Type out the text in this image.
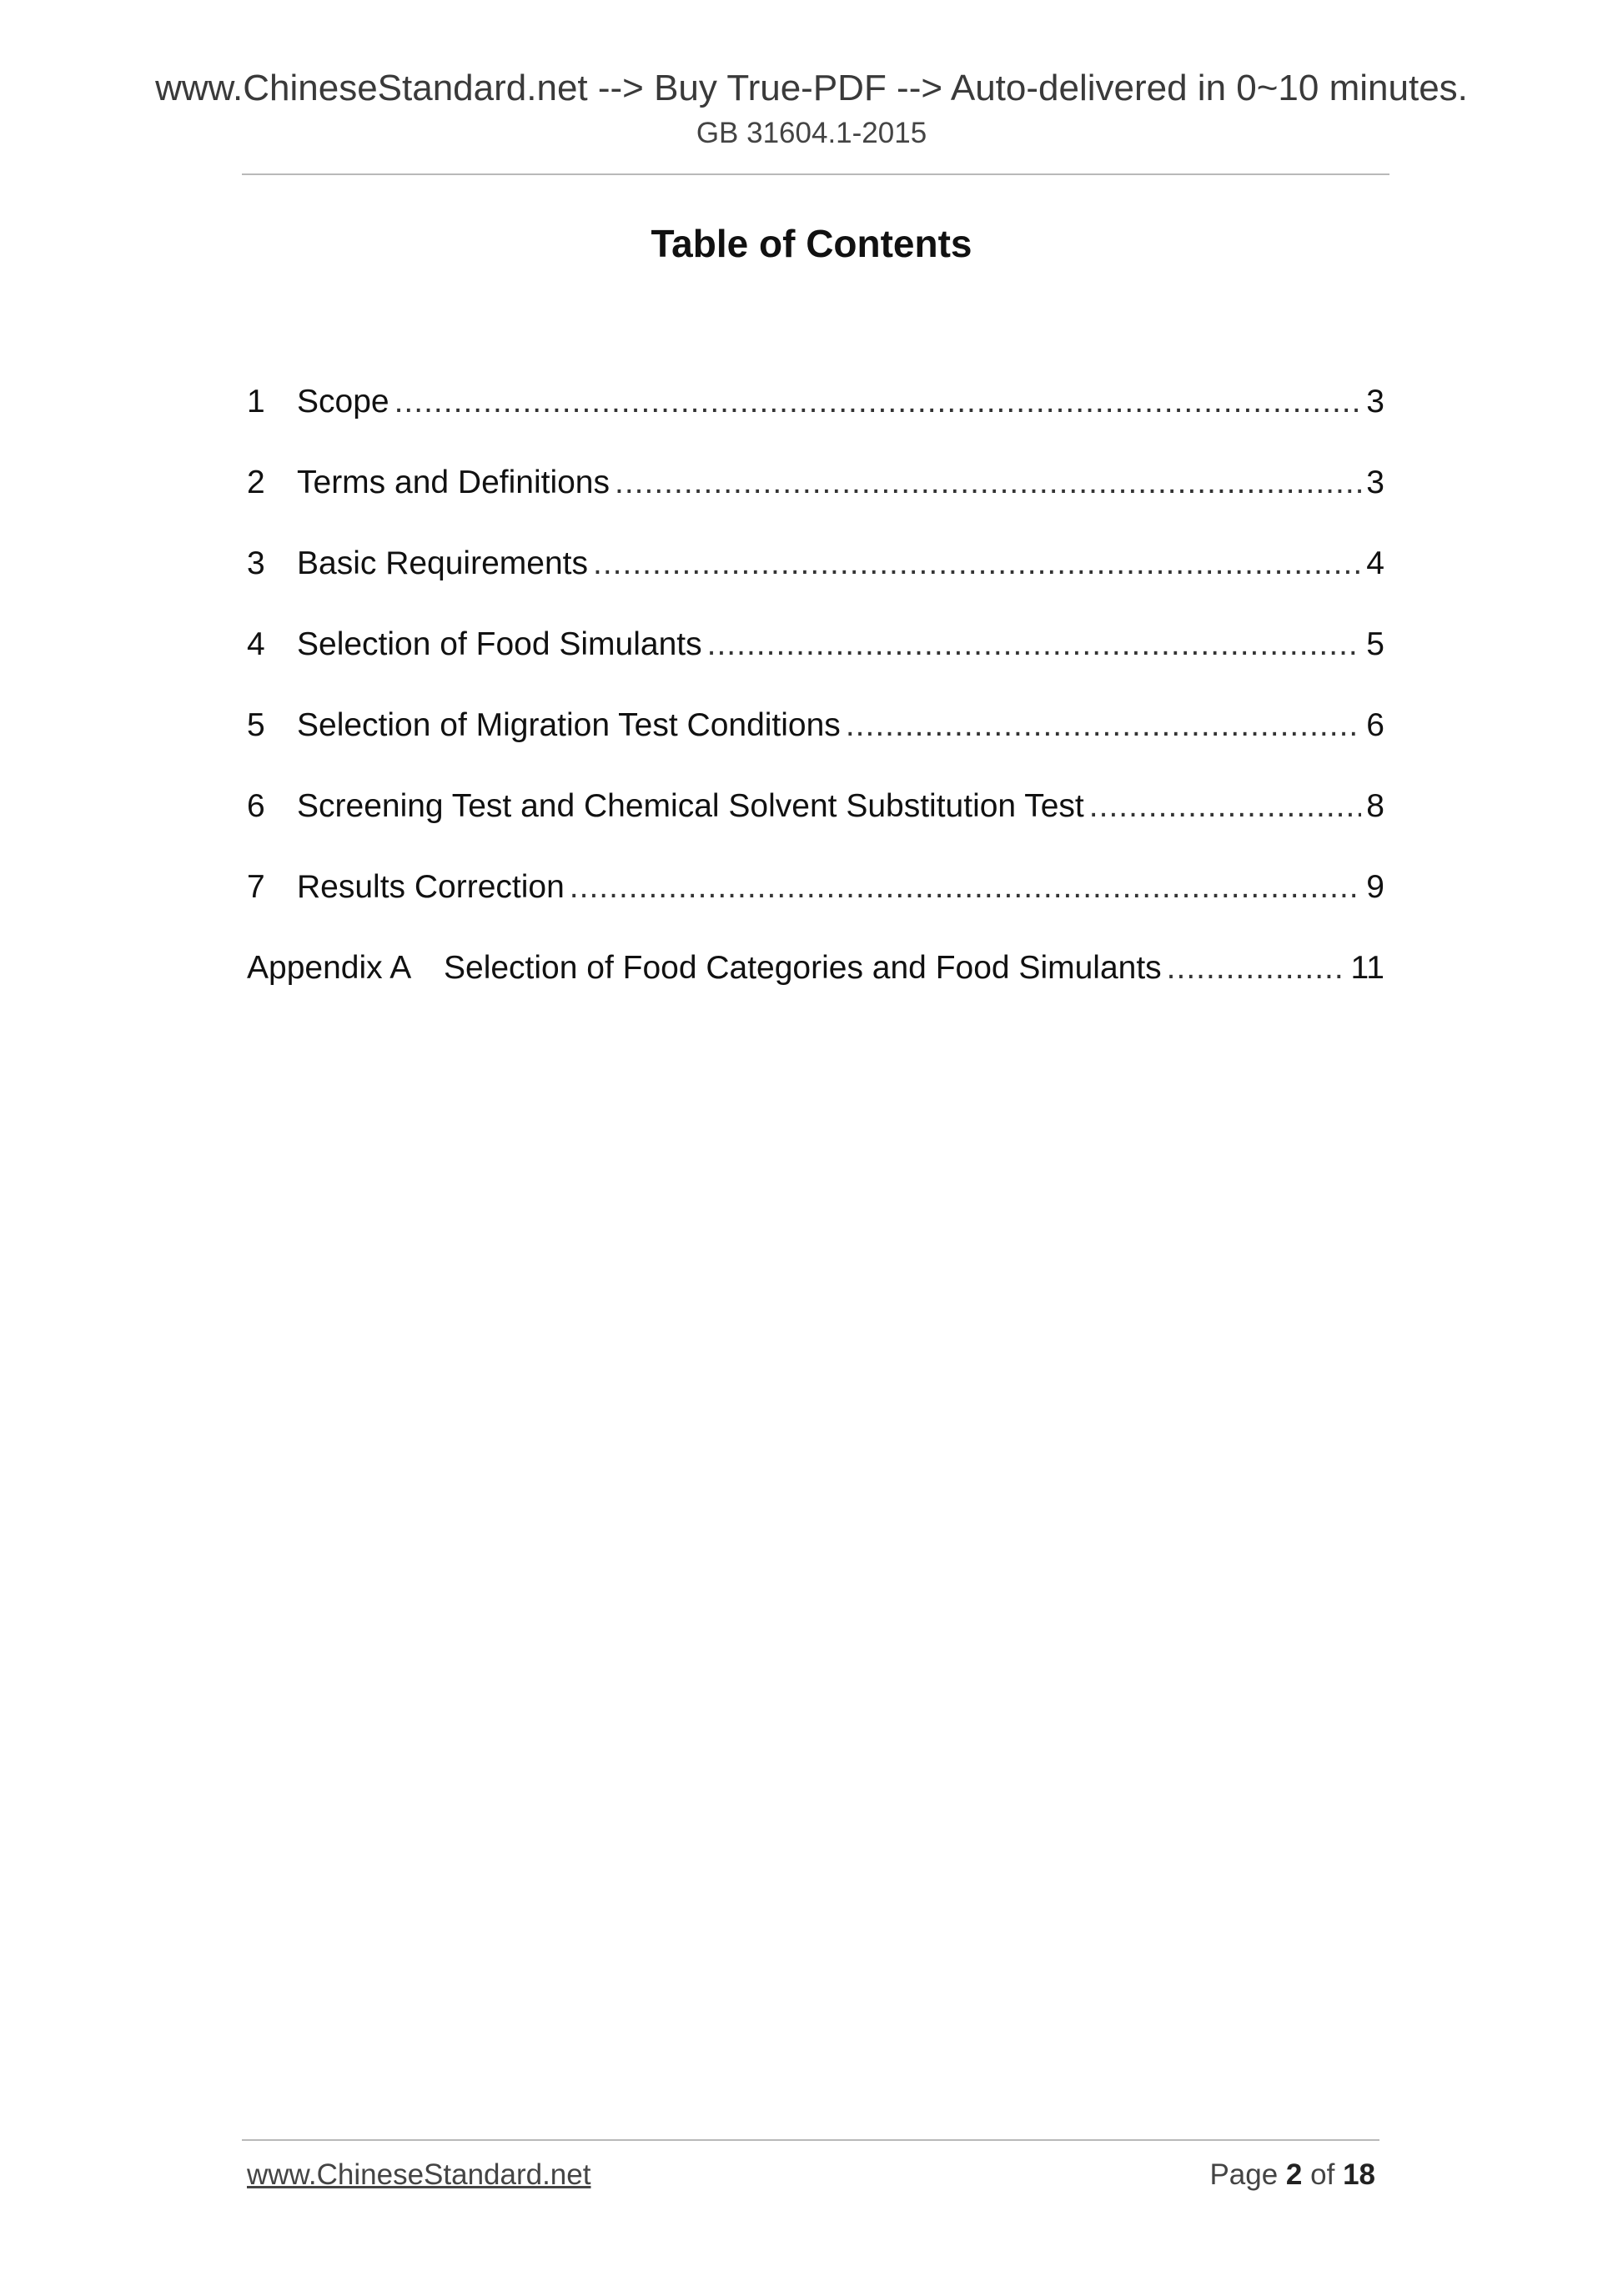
www.ChineseStandard.net --> Buy True-PDF --> Auto-delivered in 0~10 minutes.
GB 31604.1-2015
Table of Contents
1 Scope .....	3
2 Terms and Definitions .....	3
3 Basic Requirements .....	4
4 Selection of Food Simulants .....	5
5 Selection of Migration Test Conditions .....	6
6 Screening Test and Chemical Solvent Substitution Test .....	8
7 Results Correction .....	9
Appendix A Selection of Food Categories and Food Simulants .....	11
www.ChineseStandard.net	Page 2 of 18
